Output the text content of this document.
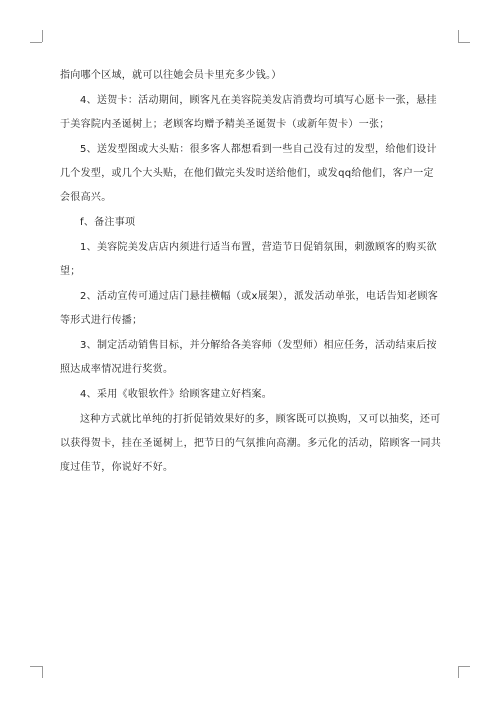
指向哪个区域，就可以往她会员卡里充多少钱。）

4、送贺卡：活动期间，顾客凡在美容院美发店消费均可填写心愿卡一张，悬挂于美容院内圣诞树上；老顾客均赠予精美圣诞贺卡（或新年贺卡）一张；

5、送发型图或大头贴：很多客人都想看到一些自己没有过的发型，给他们设计几个发型，或几个大头贴，在他们做完头发时送给他们，或发qq给他们，客户一定会很高兴。

f、备注事项

1、美容院美发店店内须进行适当布置，营造节日促销氛围，刺激顾客的购买欲望；

2、活动宣传可通过店门悬挂横幅（或x展架），派发活动单张，电话告知老顾客等形式进行传播；

3、制定活动销售目标，并分解给各美容师（发型师）相应任务，活动结束后按照达成率情况进行奖赏。

4、采用《收银软件》给顾客建立好档案。

这种方式就比单纯的打折促销效果好的多，顾客既可以换购，又可以抽奖，还可以获得贺卡，挂在圣诞树上，把节日的气氛推向高潮。多元化的活动，陪顾客一同共度过佳节，你说好不好。
